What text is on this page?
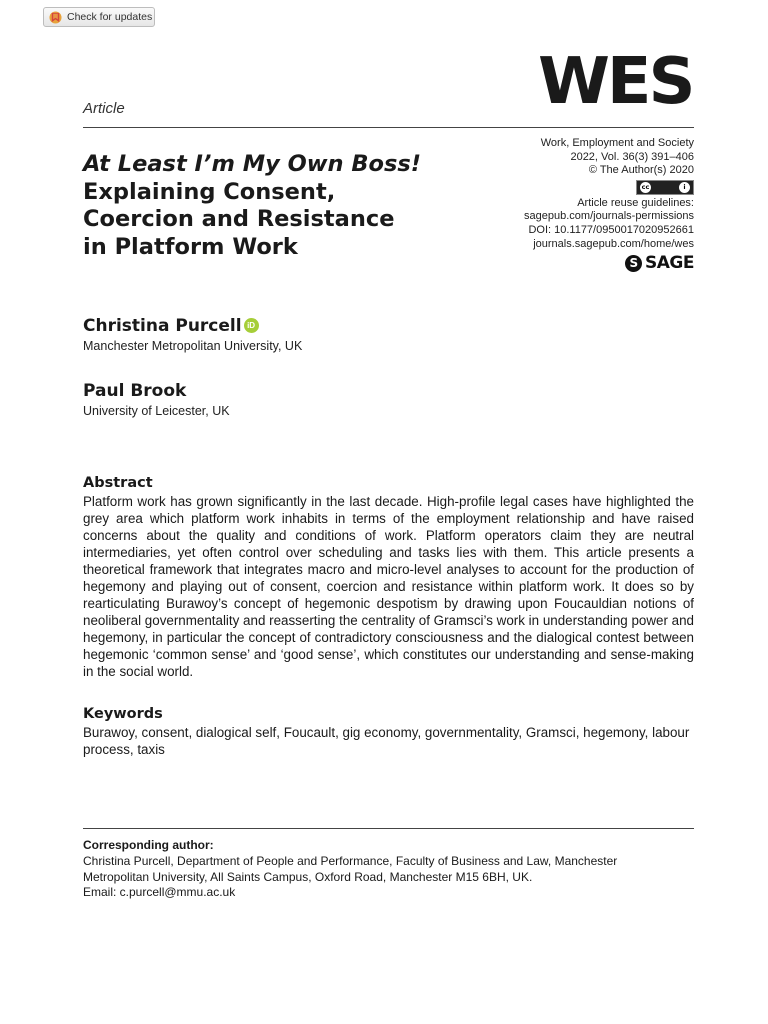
Check for updates
WES
Article
Work, Employment and Society
2022, Vol. 36(3) 391–406
© The Author(s) 2020
cc	i
Article reuse guidelines:
sagepub.com/journals-permissions
DOI: 10.1177/0950017020952661
journals.sagepub.com/home/wes
S SAGE
At Least I’m My Own Boss!
Explaining Consent,
Coercion and Resistance
in Platform Work
Christina Purcell iD
Manchester Metropolitan University, UK
Paul Brook
University of Leicester, UK
Abstract
Platform work has grown significantly in the last decade. High-profile legal cases have highlighted the grey area which platform work inhabits in terms of the employment relationship and have raised concerns about the quality and conditions of work. Platform operators claim they are neutral intermediaries, yet often control over scheduling and tasks lies with them. This article presents a theoretical framework that integrates macro and micro-level analyses to account for the production of hegemony and playing out of consent, coercion and resistance within platform work. It does so by rearticulating Burawoy’s concept of hegemonic despotism by drawing upon Foucauldian notions of neoliberal governmentality and reasserting the centrality of Gramsci’s work in understanding power and hegemony, in particular the concept of contradictory consciousness and the dialogical contest between hegemonic ‘common sense’ and ‘good sense’, which constitutes our understanding and sense-making in the social world.
Keywords
Burawoy, consent, dialogical self, Foucault, gig economy, governmentality, Gramsci, hegemony, labour process, taxis
Corresponding author:
Christina Purcell, Department of People and Performance, Faculty of Business and Law, Manchester
Metropolitan University, All Saints Campus, Oxford Road, Manchester M15 6BH, UK.
Email: c.purcell@mmu.ac.uk
